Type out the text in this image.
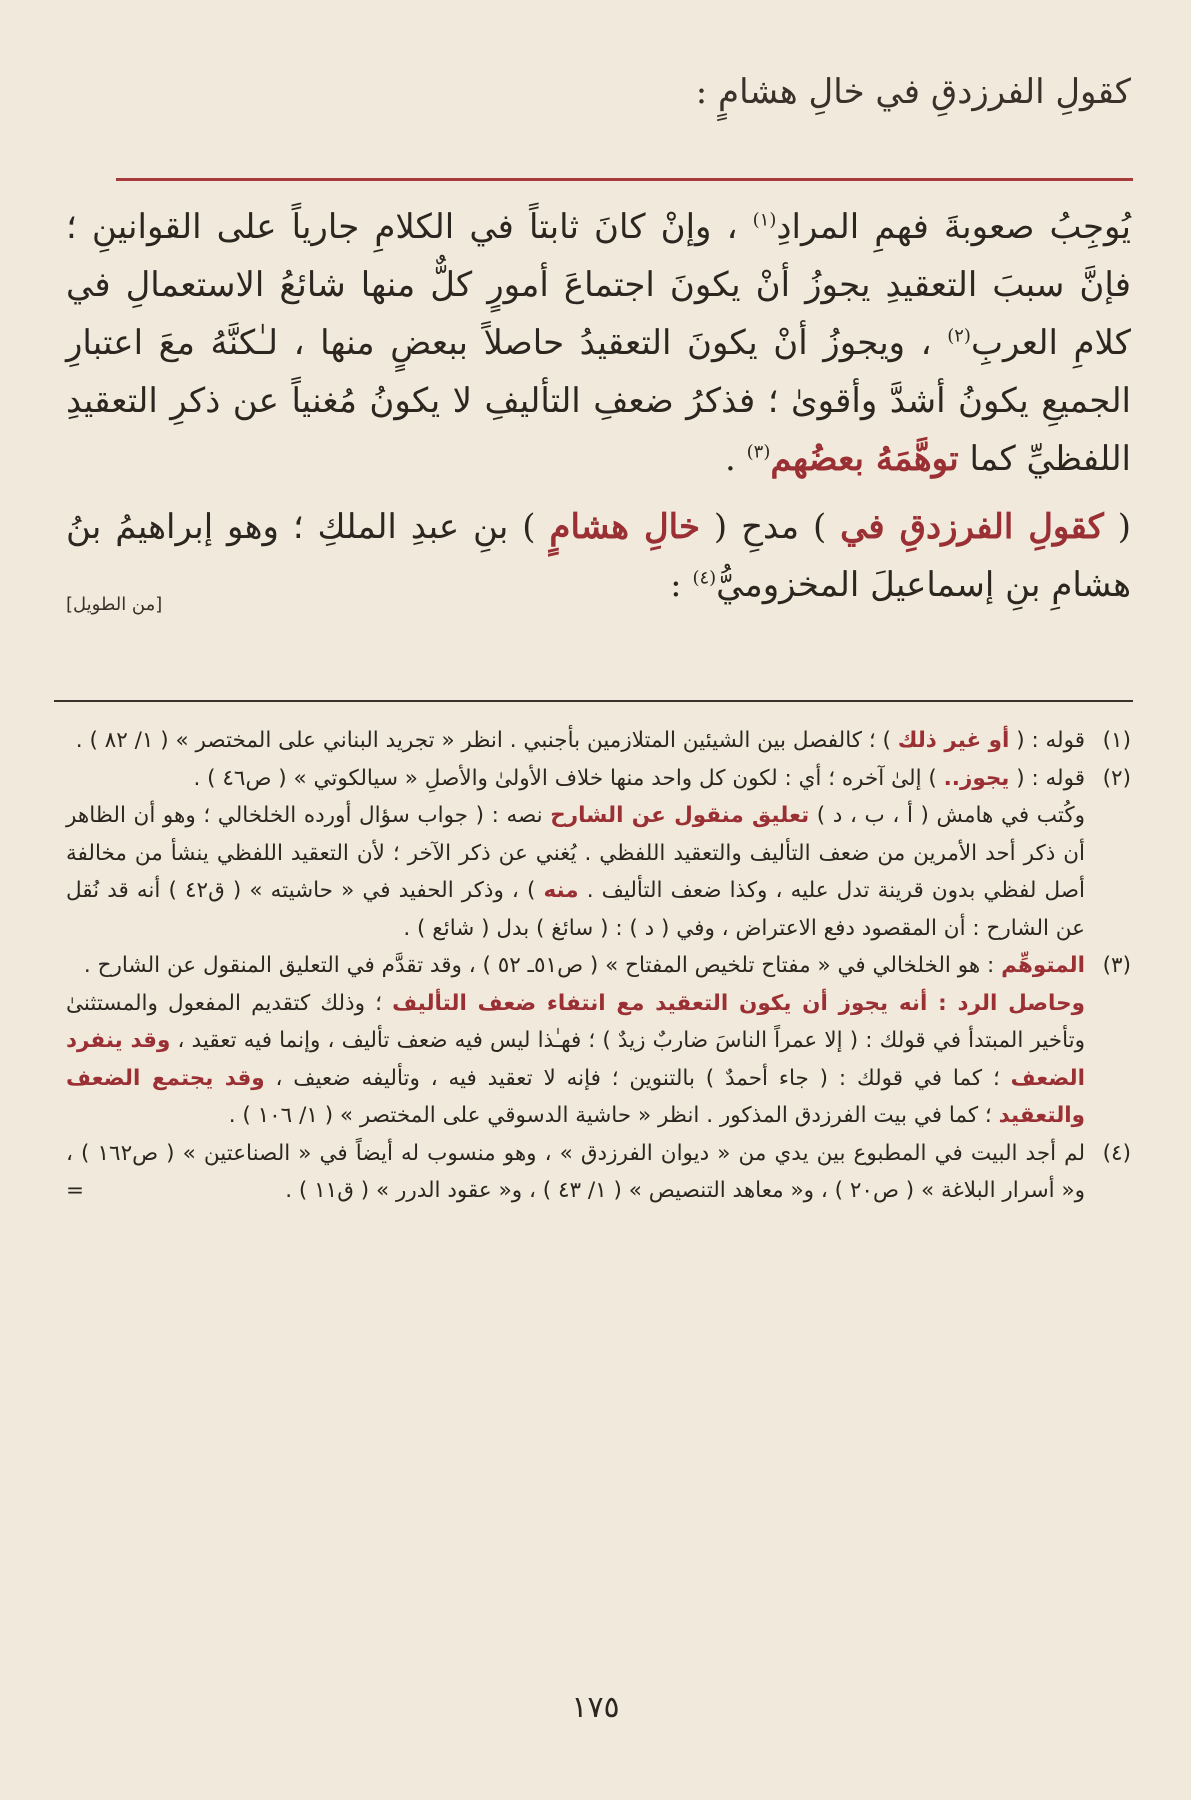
كقولِ الفرزدقِ في خالِ هشامٍ :

يُوجِبُ صعوبةَ فهمِ المرادِ$^{(١)}$ ، وإنْ كانَ ثابتاً في الكلامِ جارياً على القوانينِ ؛ فإنَّ سببَ التعقيدِ يجوزُ أنْ يكونَ اجتماعَ أمورٍ كلٌّ منها شائعُ الاستعمالِ في كلامِ العربِ$^{(٢)}$ ، ويجوزُ أنْ يكونَ التعقيدُ حاصلاً ببعضٍ منها ، لـٰكنَّهُ معَ اعتبارِ الجميعِ يكونُ أشدَّ وأقوىٰ ؛ فذكرُ ضعفِ التأليفِ لا يكونُ مُغنياً عن ذكرِ التعقيدِ اللفظيِّ كما توهَّمَهُ بعضُهم$^{(٣)}$ .

( كقولِ الفرزدقِ في ) مدحِ ( خالِ هشامٍ ) بنِ عبدِ الملكِ ؛ وهو إبراهيمُ بنُ هشامِ بنِ إسماعيلَ المخزوميُّ$^{(٤)}$ :
[من الطويل]

(١)
قوله : ( أو غير ذلك ) ؛ كالفصل بين الشيئين المتلازمين بأجنبي . انظر « تجريد البناني على المختصر » ( ١/ ٨٢ ) .
(٢)
قوله : ( يجوز.. ) إلىٰ آخره ؛ أي : لكون كل واحد منها خلاف الأولىٰ والأصلِ « سيالكوتي » ( ص٤٦ ) .
وكُتب في هامش ( أ ، ب ، د ) تعليق منقول عن الشارح نصه : ( جواب سؤال أورده الخلخالي ؛ وهو أن الظاهر أن ذكر أحد الأمرين من ضعف التأليف والتعقيد اللفظي . يُغني عن ذكر الآخر ؛ لأن التعقيد اللفظي ينشأ من مخالفة أصل لفظي بدون قرينة تدل عليه ، وكذا ضعف التأليف . منه ) ، وذكر الحفيد في « حاشيته » ( ق٤٢ ) أنه قد نُقل عن الشارح : أن المقصود دفع الاعتراض ، وفي ( د ) : ( سائغ ) بدل ( شائع ) .
(٣)
المتوهِّم : هو الخلخالي في « مفتاح تلخيص المفتاح » ( ص٥١ـ ٥٢ ) ، وقد تقدَّم في التعليق المنقول عن الشارح .
وحاصل الرد : أنه يجوز أن يكون التعقيد مع انتفاء ضعف التأليف ؛ وذلك كتقديم المفعول والمستثنىٰ وتأخير المبتدأ في قولك : ( إلا عمراً الناسَ ضاربٌ زيدٌ ) ؛ فهـٰذا ليس فيه ضعف تأليف ، وإنما فيه تعقيد ، وقد ينفرد الضعف ؛ كما في قولك : ( جاء أحمدٌ ) بالتنوين ؛ فإنه لا تعقيد فيه ، وتأليفه ضعيف ، وقد يجتمع الضعف والتعقيد ؛ كما في بيت الفرزدق المذكور . انظر « حاشية الدسوقي على المختصر » ( ١/ ١٠٦ ) .
(٤)
لم أجد البيت في المطبوع بين يدي من « ديوان الفرزدق » ، وهو منسوب له أيضاً في « الصناعتين » ( ص١٦٢ ) ، و« أسرار البلاغة » ( ص٢٠ ) ، و« معاهد التنصيص » ( ١/ ٤٣ ) ، و« عقود الدرر » ( ق١١ ) .
=
١٧٥
